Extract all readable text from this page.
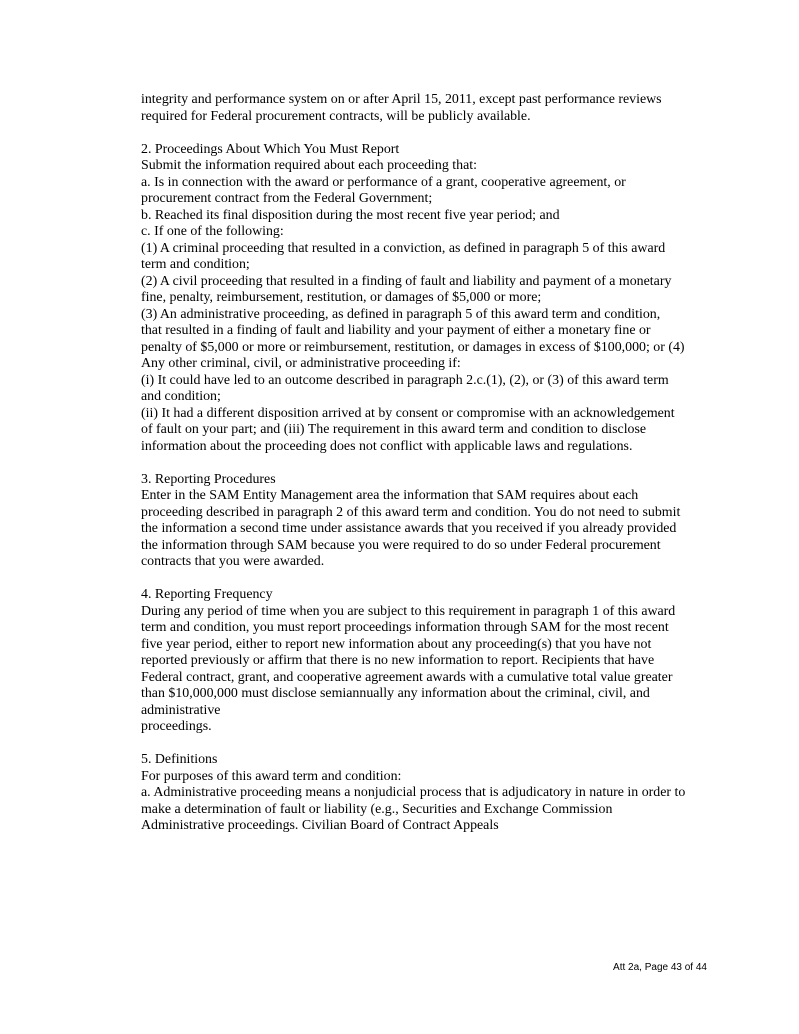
integrity and performance system on or after April 15, 2011, except past performance reviews
required for Federal procurement contracts, will be publicly available.
2. Proceedings About Which You Must Report
Submit the information required about each proceeding that:
a. Is in connection with the award or performance of a grant, cooperative agreement, or
procurement contract from the Federal Government;
b. Reached its final disposition during the most recent five year period; and
c. If one of the following:
(1) A criminal proceeding that resulted in a conviction, as defined in paragraph 5 of this award
term and condition;
(2) A civil proceeding that resulted in a finding of fault and liability and payment of a monetary
fine, penalty, reimbursement, restitution, or damages of $5,000 or more;
(3) An administrative proceeding, as defined in paragraph 5 of this award term and condition,
that resulted in a finding of fault and liability and your payment of either a monetary fine or
penalty of $5,000 or more or reimbursement, restitution, or damages in excess of $100,000; or (4)
Any other criminal, civil, or administrative proceeding if:
(i) It could have led to an outcome described in paragraph 2.c.(1), (2), or (3) of this award term
and condition;
(ii) It had a different disposition arrived at by consent or compromise with an acknowledgement
of fault on your part; and (iii) The requirement in this award term and condition to disclose
information about the proceeding does not conflict with applicable laws and regulations.
3. Reporting Procedures
Enter in the SAM Entity Management area the information that SAM requires about each
proceeding described in paragraph 2 of this award term and condition. You do not need to submit
the information a second time under assistance awards that you received if you already provided
the information through SAM because you were required to do so under Federal procurement
contracts that you were awarded.
4. Reporting Frequency
During any period of time when you are subject to this requirement in paragraph 1 of this award
term and condition, you must report proceedings information through SAM for the most recent
five year period, either to report new information about any proceeding(s) that you have not
reported previously or affirm that there is no new information to report. Recipients that have
Federal contract, grant, and cooperative agreement awards with a cumulative total value greater
than $10,000,000 must disclose semiannually any information about the criminal, civil, and
administrative
proceedings.
5. Definitions
For purposes of this award term and condition:
a. Administrative proceeding means a nonjudicial process that is adjudicatory in nature in order to
make a determination of fault or liability (e.g., Securities and Exchange Commission
Administrative proceedings. Civilian Board of Contract Appeals
Att 2a, Page 43 of 44
